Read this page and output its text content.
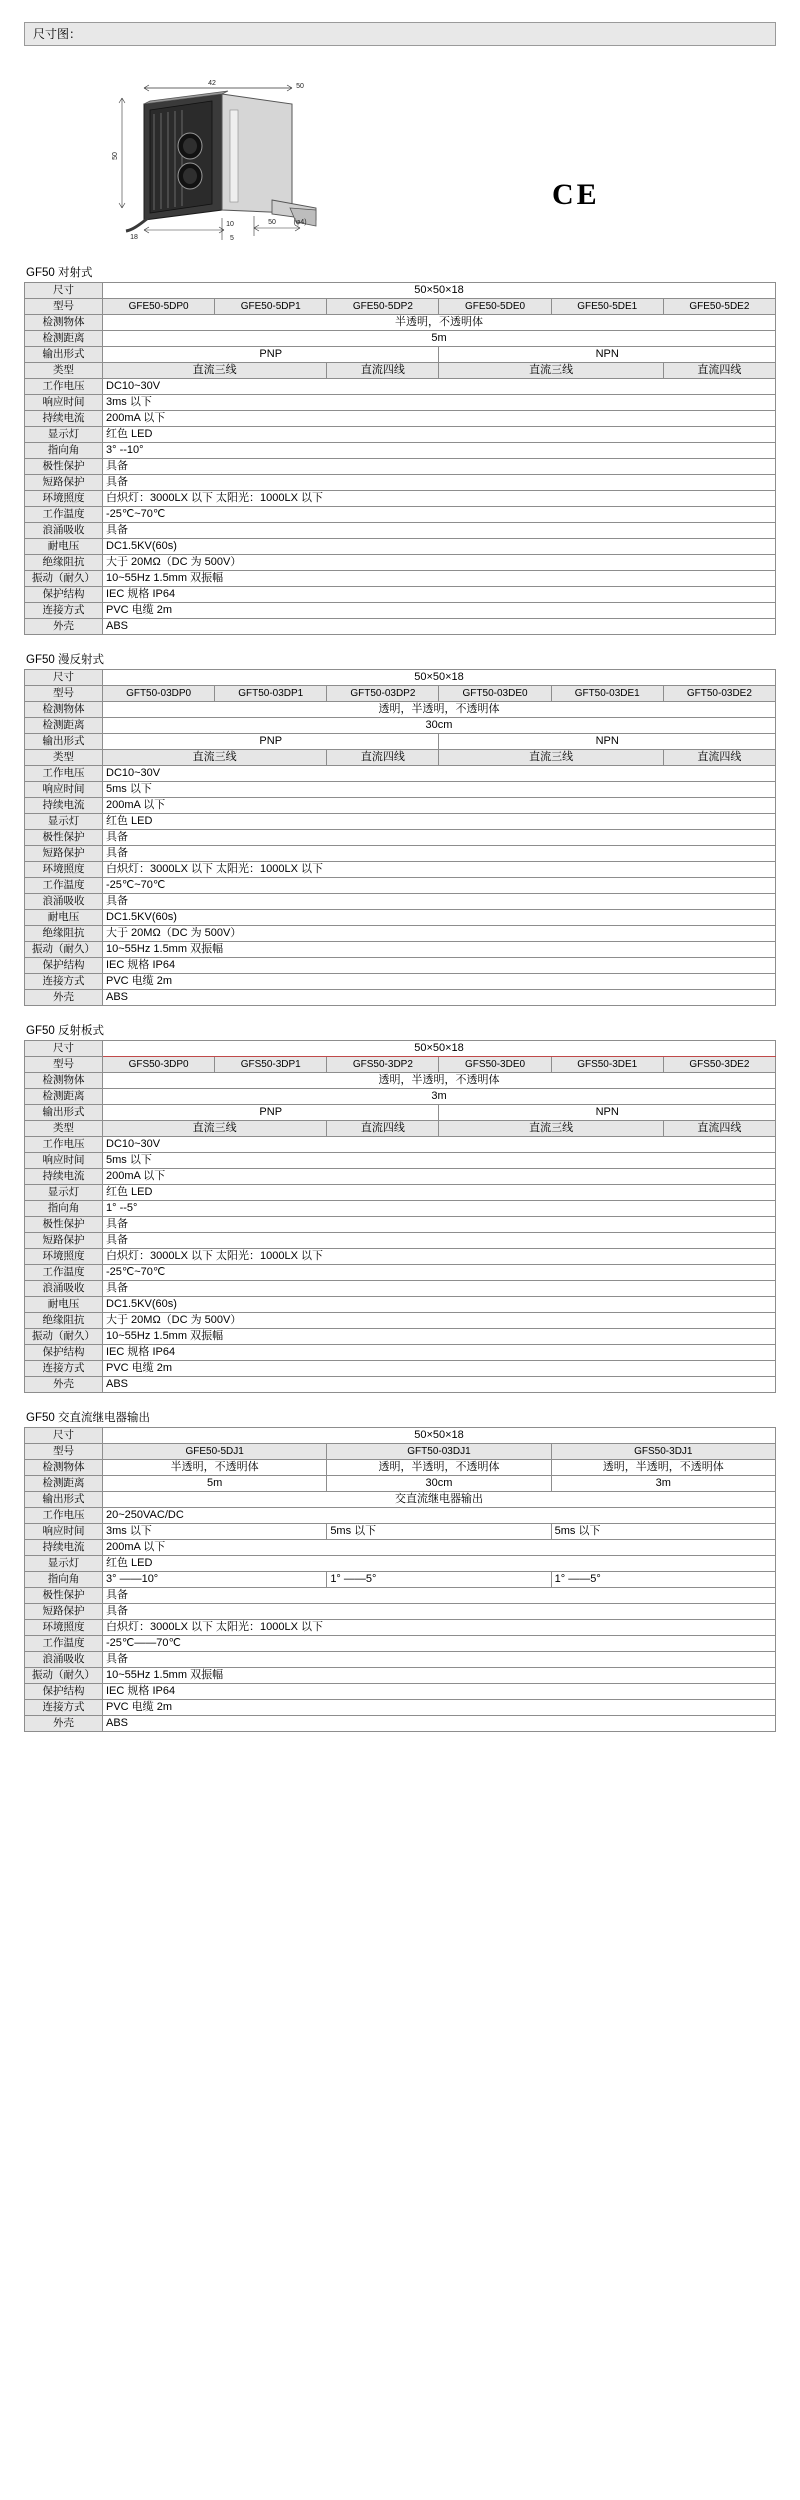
尺寸图：
42
50
18	5
50	(φ4)
10
50
CE
GF50 对射式
尺寸	50×50×18					
型号	GFE50-5DP0	GFE50-5DP1	GFE50-5DP2	GFE50-5DE0	GFE50-5DE1	GFE50-5DE2
检测物体	半透明，不透明体					
检测距离	5m					
输出形式	PNP			NPN		
类型	直流三线		直流四线	直流三线		直流四线
工作电压	DC10~30V					
响应时间	3ms 以下					
持续电流	200mA 以下					
显示灯	红色 LED					
指向角	3° --10°					
极性保护	具备					
短路保护	具备					
环境照度	白炽灯：3000LX 以下 太阳光：1000LX 以下					
工作温度	-25℃~70℃					
浪涌吸收	具备					
耐电压	DC1.5KV(60s)					
绝缘阻抗	大于 20MΩ（DC 为 500V）					
振动（耐久）	10~55Hz 1.5mm 双振幅					
保护结构	IEC 规格 IP64					
连接方式	PVC 电缆 2m					
外壳	ABS					
GF50 漫反射式
尺寸	50×50×18					
型号	GFT50-03DP0	GFT50-03DP1	GFT50-03DP2	GFT50-03DE0	GFT50-03DE1	GFT50-03DE2
检测物体	透明，半透明，不透明体					
检测距离	30cm					
输出形式	PNP			NPN		
类型	直流三线		直流四线	直流三线		直流四线
工作电压	DC10~30V					
响应时间	5ms 以下					
持续电流	200mA 以下					
显示灯	红色 LED					
极性保护	具备					
短路保护	具备					
环境照度	白炽灯：3000LX 以下 太阳光：1000LX 以下					
工作温度	-25℃~70℃					
浪涌吸收	具备					
耐电压	DC1.5KV(60s)					
绝缘阻抗	大于 20MΩ（DC 为 500V）					
振动（耐久）	10~55Hz 1.5mm 双振幅					
保护结构	IEC 规格 IP64					
连接方式	PVC 电缆 2m					
外壳	ABS					
GF50 反射板式
尺寸	50×50×18					
型号	GFS50-3DP0	GFS50-3DP1	GFS50-3DP2	GFS50-3DE0	GFS50-3DE1	GFS50-3DE2
检测物体	透明，半透明，不透明体					
检测距离	3m					
输出形式	PNP			NPN		
类型	直流三线		直流四线	直流三线		直流四线
工作电压	DC10~30V					
响应时间	5ms 以下					
持续电流	200mA 以下					
显示灯	红色 LED					
指向角	1° --5°					
极性保护	具备					
短路保护	具备					
环境照度	白炽灯：3000LX 以下 太阳光：1000LX 以下					
工作温度	-25℃~70℃					
浪涌吸收	具备					
耐电压	DC1.5KV(60s)					
绝缘阻抗	大于 20MΩ（DC 为 500V）					
振动（耐久）	10~55Hz 1.5mm 双振幅					
保护结构	IEC 规格 IP64					
连接方式	PVC 电缆 2m					
外壳	ABS					
GF50 交直流继电器输出
尺寸	50×50×18		
型号	GFE50-5DJ1	GFT50-03DJ1	GFS50-3DJ1
检测物体	半透明，不透明体	透明，半透明，不透明体	透明，半透明，不透明体
检测距离	5m	30cm	3m
输出形式	交直流继电器输出		
工作电压	20~250VAC/DC		
响应时间	3ms 以下	5ms 以下	5ms 以下
持续电流	200mA 以下		
显示灯	红色 LED		
指向角	3° ——10°	1° ——5°	1° ——5°
极性保护	具备		
短路保护	具备		
环境照度	白炽灯：3000LX 以下 太阳光：1000LX 以下		
工作温度	-25℃——70℃		
浪涌吸收	具备		
振动（耐久）	10~55Hz 1.5mm 双振幅		
保护结构	IEC 规格 IP64		
连接方式	PVC 电缆 2m		
外壳	ABS		
